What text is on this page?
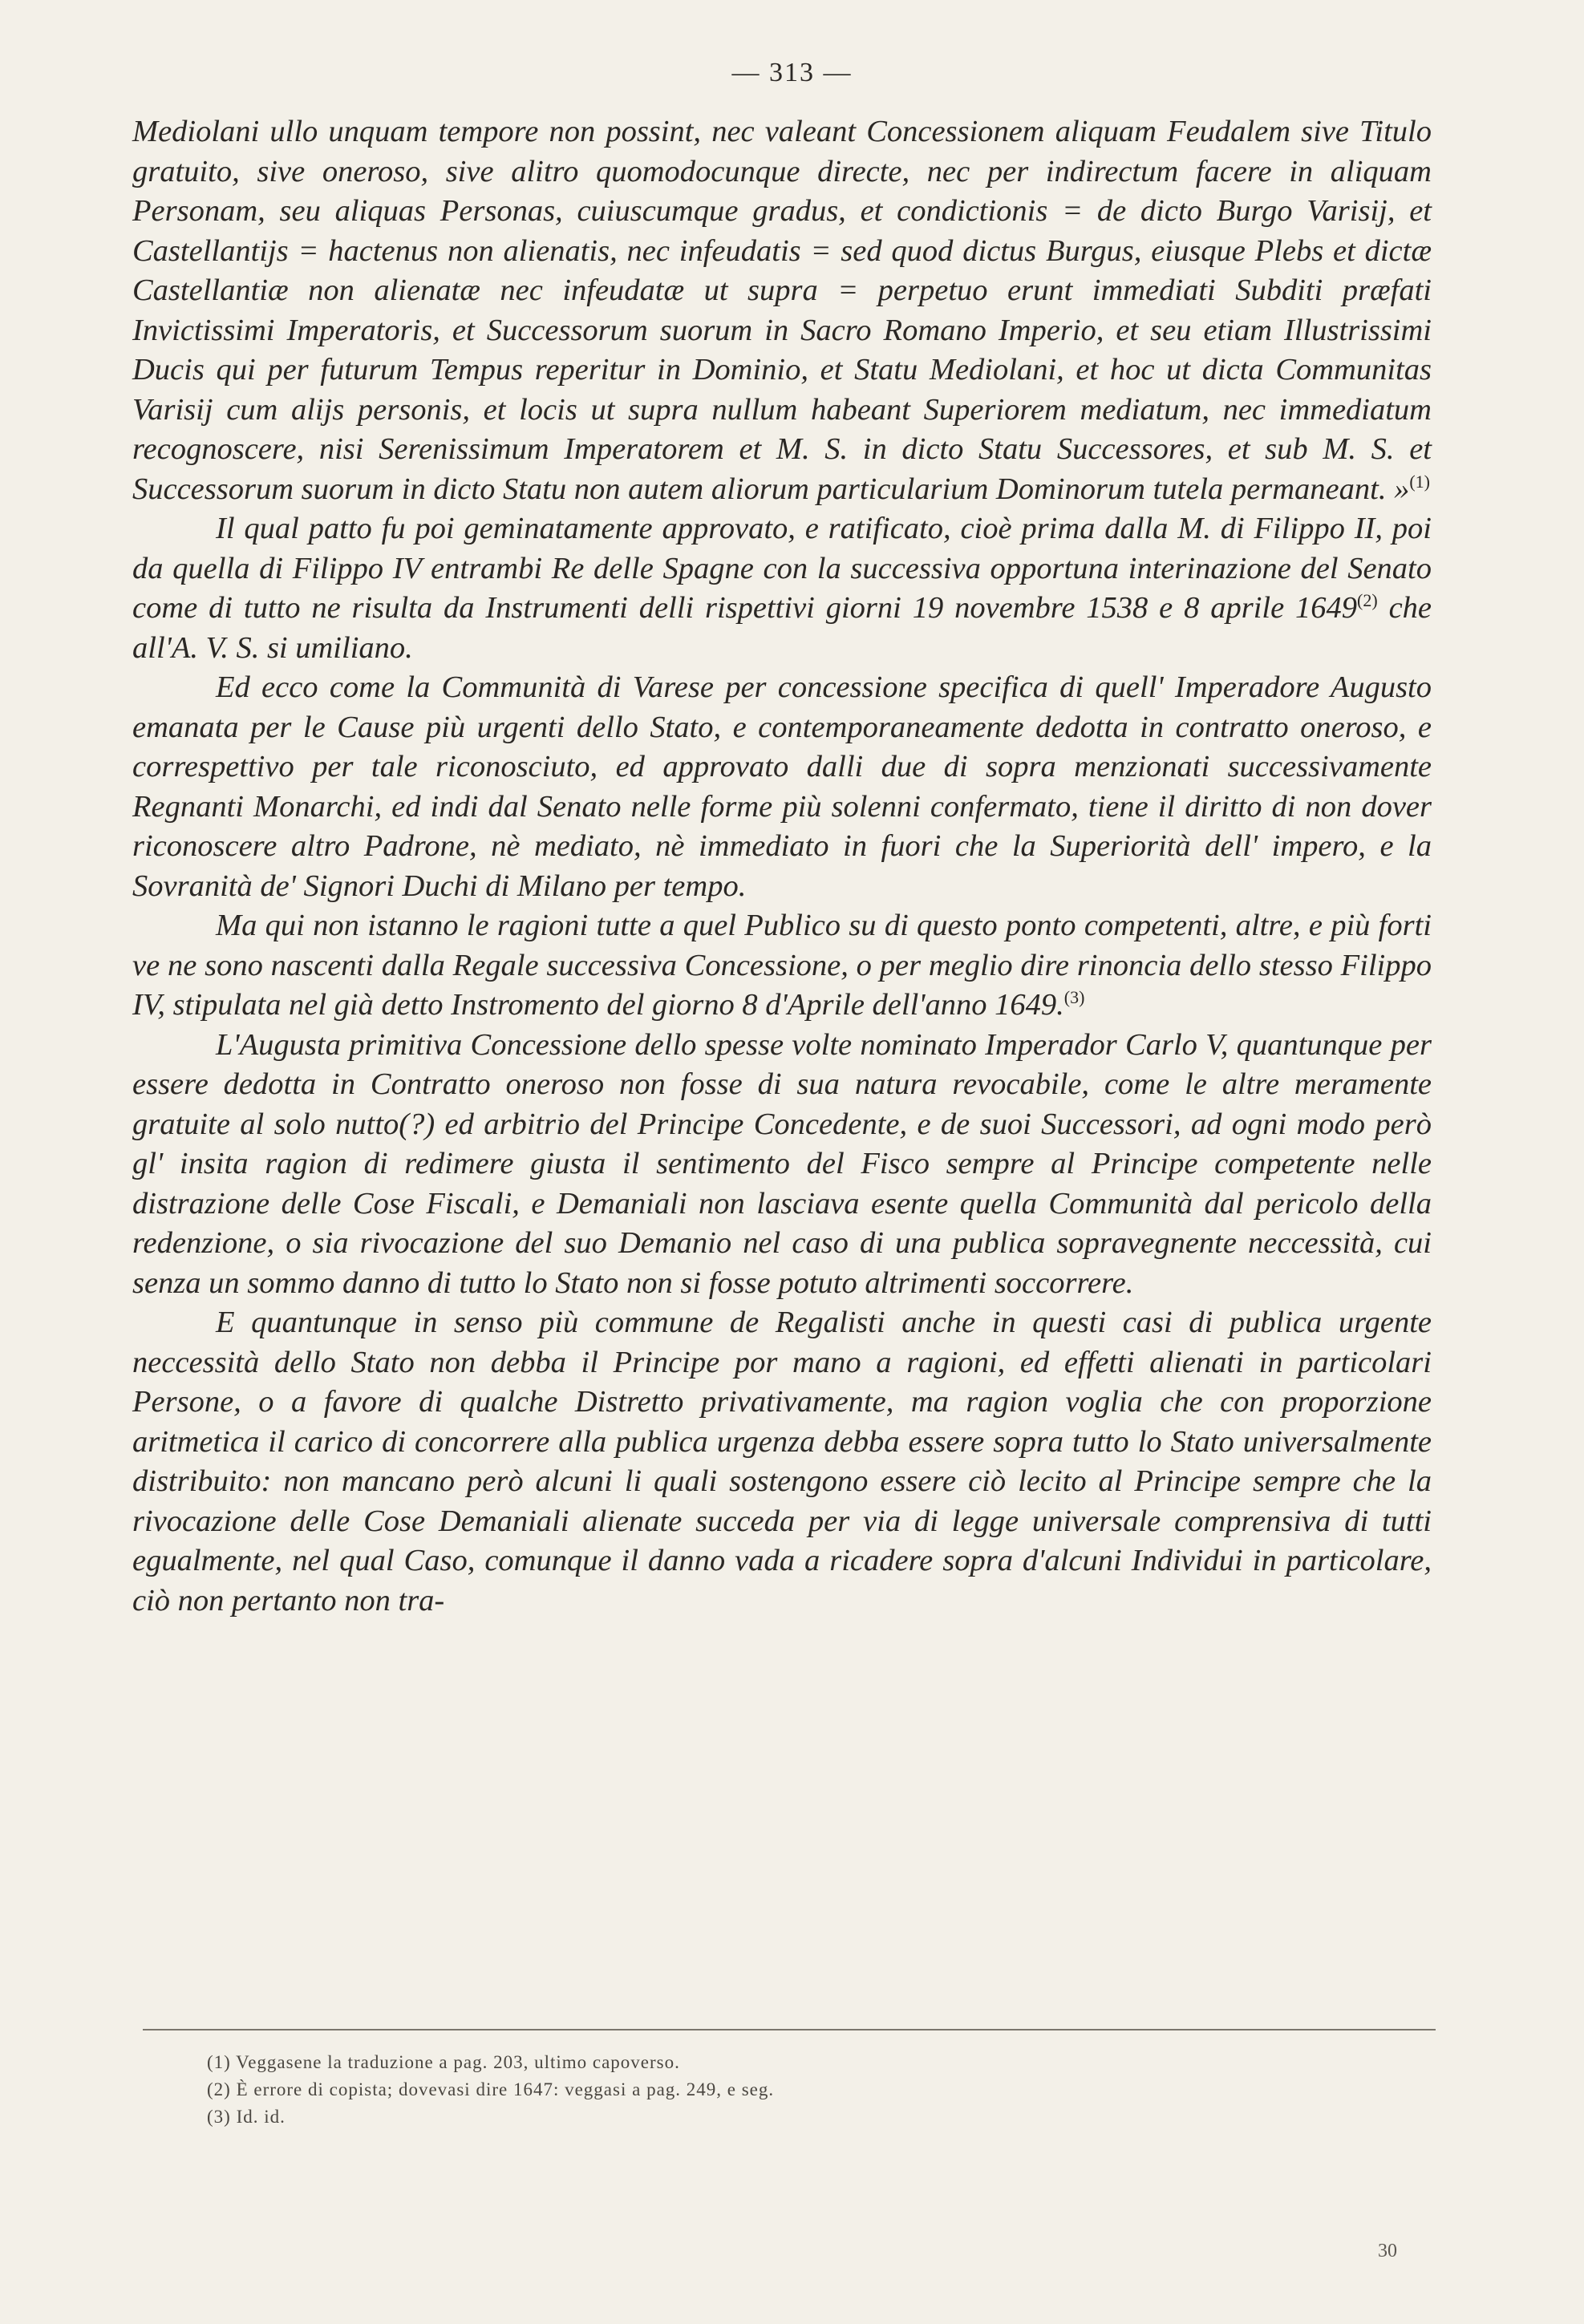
— 313 —

Mediolani ullo unquam tempore non possint, nec valeant Concessionem aliquam Feudalem sive Titulo gratuito, sive oneroso, sive alitro quomodocunque directe, nec per indirectum facere in aliquam Personam, seu aliquas Personas, cuiuscumque gradus, et condictionis = de dicto Burgo Varisij, et Castellantijs = hactenus non alienatis, nec infeudatis = sed quod dictus Burgus, eiusque Plebs et dictæ Castellantiæ non alienatæ nec infeudatæ ut supra = perpetuo erunt immediati Subditi præfati Invictissimi Imperatoris, et Successorum suorum in Sacro Romano Imperio, et seu etiam Illustrissimi Ducis qui per futurum Tempus reperitur in Dominio, et Statu Mediolani, et hoc ut dicta Communitas Varisij cum alijs personis, et locis ut supra nullum habeant Superiorem mediatum, nec immediatum recognoscere, nisi Serenissimum Imperatorem et M. S. in dicto Statu Successores, et sub M. S. et Successorum suorum in dicto Statu non autem aliorum particularium Dominorum tutela permaneant. »$^{(1)}$

Il qual patto fu poi geminatamente approvato, e ratificato, cioè prima dalla M. di Filippo II, poi da quella di Filippo IV entrambi Re delle Spagne con la successiva opportuna interinazione del Senato come di tutto ne risulta da Instrumenti delli rispettivi giorni 19 novembre 1538 e 8 aprile 1649$^{(2)}$ che all'A. V. S. si umiliano.

Ed ecco come la Communità di Varese per concessione specifica di quell' Imperadore Augusto emanata per le Cause più urgenti dello Stato, e contemporaneamente dedotta in contratto oneroso, e correspettivo per tale riconosciuto, ed approvato dalli due di sopra menzionati successivamente Regnanti Monarchi, ed indi dal Senato nelle forme più solenni confermato, tiene il diritto di non dover riconoscere altro Padrone, nè mediato, nè immediato in fuori che la Superiorità dell' impero, e la Sovranità de' Signori Duchi di Milano per tempo.

Ma qui non istanno le ragioni tutte a quel Publico su di questo ponto competenti, altre, e più forti ve ne sono nascenti dalla Regale successiva Concessione, o per meglio dire rinoncia dello stesso Filippo IV, stipulata nel già detto Instromento del giorno 8 d'Aprile dell'anno 1649.$^{(3)}$

L'Augusta primitiva Concessione dello spesse volte nominato Imperador Carlo V, quantunque per essere dedotta in Contratto oneroso non fosse di sua natura revocabile, come le altre meramente gratuite al solo nutto(?) ed arbitrio del Principe Concedente, e de suoi Successori, ad ogni modo però gl' insita ragion di redimere giusta il sentimento del Fisco sempre al Principe competente nelle distrazione delle Cose Fiscali, e Demaniali non lasciava esente quella Communità dal pericolo della redenzione, o sia rivocazione del suo Demanio nel caso di una publica sopravegnente neccessità, cui senza un sommo danno di tutto lo Stato non si fosse potuto altrimenti soccorrere.

E quantunque in senso più commune de Regalisti anche in questi casi di publica urgente neccessità dello Stato non debba il Principe por mano a ragioni, ed effetti alienati in particolari Persone, o a favore di qualche Distretto privativamente, ma ragion voglia che con proporzione aritmetica il carico di concorrere alla publica urgenza debba essere sopra tutto lo Stato universalmente distribuito: non mancano però alcuni li quali sostengono essere ciò lecito al Principe sempre che la rivocazione delle Cose Demaniali alienate succeda per via di legge universale comprensiva di tutti egualmente, nel qual Caso, comunque il danno vada a ricadere sopra d'alcuni Individui in particolare, ciò non pertanto non tra-

(1) Veggasene la traduzione a pag. 203, ultimo capoverso.
(2) È errore di copista; dovevasi dire 1647: veggasi a pag. 249, e seg.
(3) Id. id.
30
